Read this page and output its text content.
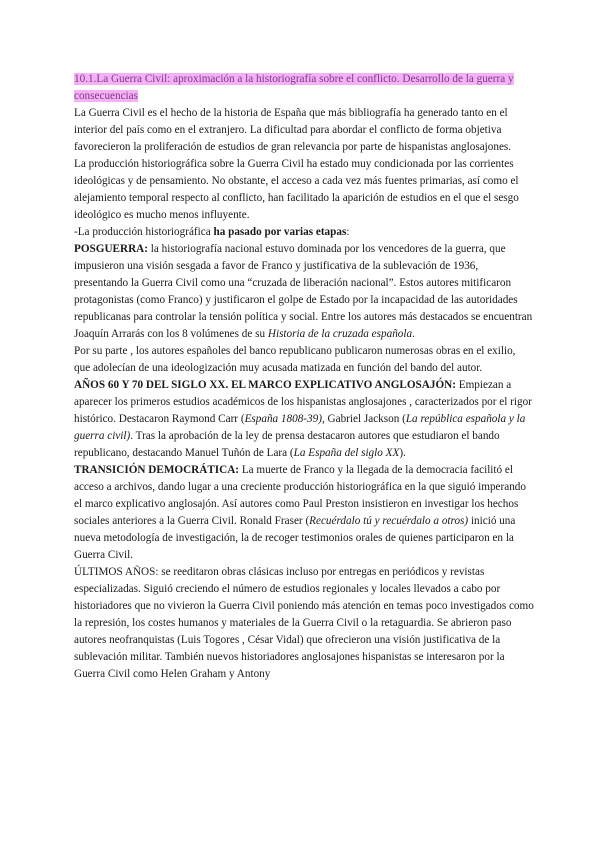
10.1.La Guerra Civil: aproximación a la historiografía sobre el conflicto. Desarrollo de la guerra y consecuencias

La Guerra Civil es el hecho de la historia de España que más bibliografía ha generado tanto en el interior del país como en el extranjero. La dificultad para abordar el conflicto de forma objetiva favorecieron la proliferación de estudios de gran relevancia por parte de hispanistas anglosajones.

La producción historiográfica sobre la Guerra Civil ha estado muy condicionada por las corrientes ideológicas y de pensamiento. No obstante, el acceso a cada vez más fuentes primarias, así como el alejamiento temporal respecto al conflicto, han facilitado la aparición de estudios en el que el sesgo ideológico es mucho menos influyente.

-La producción historiográfica ha pasado por varias etapas:

POSGUERRA: la historiografía nacional estuvo dominada por los vencedores de la guerra, que impusieron una visión sesgada a favor de Franco y justificativa de la sublevación de 1936, presentando la Guerra Civil como una “cruzada de liberación nacional”. Estos autores mitificaron protagonistas (como Franco) y justificaron el golpe de Estado por la incapacidad de las autoridades republicanas para controlar la tensión política y social. Entre los autores más destacados se encuentran Joaquín Arrarás con los 8 volúmenes de su Historia de la cruzada española.

Por su parte , los autores españoles del banco republicano publicaron numerosas obras en el exilio, que adolecían de una ideologización muy acusada matizada en función del bando del autor.

AÑOS 60 Y 70 DEL SIGLO XX. EL MARCO EXPLICATIVO ANGLOSAJÓN: Empiezan a aparecer los primeros estudios académicos de los hispanistas anglosajones , caracterizados por el rigor histórico. Destacaron Raymond Carr (España 1808-39), Gabriel Jackson (La república española y la guerra civil). Tras la aprobación de la ley de prensa destacaron autores que estudiaron el bando republicano, destacando Manuel Tuñón de Lara (La España del siglo XX).

TRANSICIÓN DEMOCRÁTICA: La muerte de Franco y la llegada de la democracia facilitó el acceso a archivos, dando lugar a una creciente producción historiográfica en la que siguió imperando el marco explicativo anglosajón. Así autores como Paul Preston insistieron en investigar los hechos sociales anteriores a la Guerra Civil. Ronald Fraser (Recuérdalo tú y recuérdalo a otros) inició una nueva metodología de investigación, la de recoger testimonios orales de quienes participaron en la Guerra Civil.

ÚLTIMOS AÑOS: se reeditaron obras clásicas incluso por entregas en periódicos y revistas especializadas. Siguió creciendo el número de estudios regionales y locales llevados a cabo por historiadores que no vivieron la Guerra Civil poniendo más atención en temas poco investigados como la represión, los costes humanos y materiales de la Guerra Civil o la retaguardia. Se abrieron paso autores neofranquistas (Luis Togores , César Vidal) que ofrecieron una visión justificativa de la sublevación militar. También nuevos historiadores anglosajones hispanistas se interesaron por la Guerra Civil como Helen Graham y Antony
